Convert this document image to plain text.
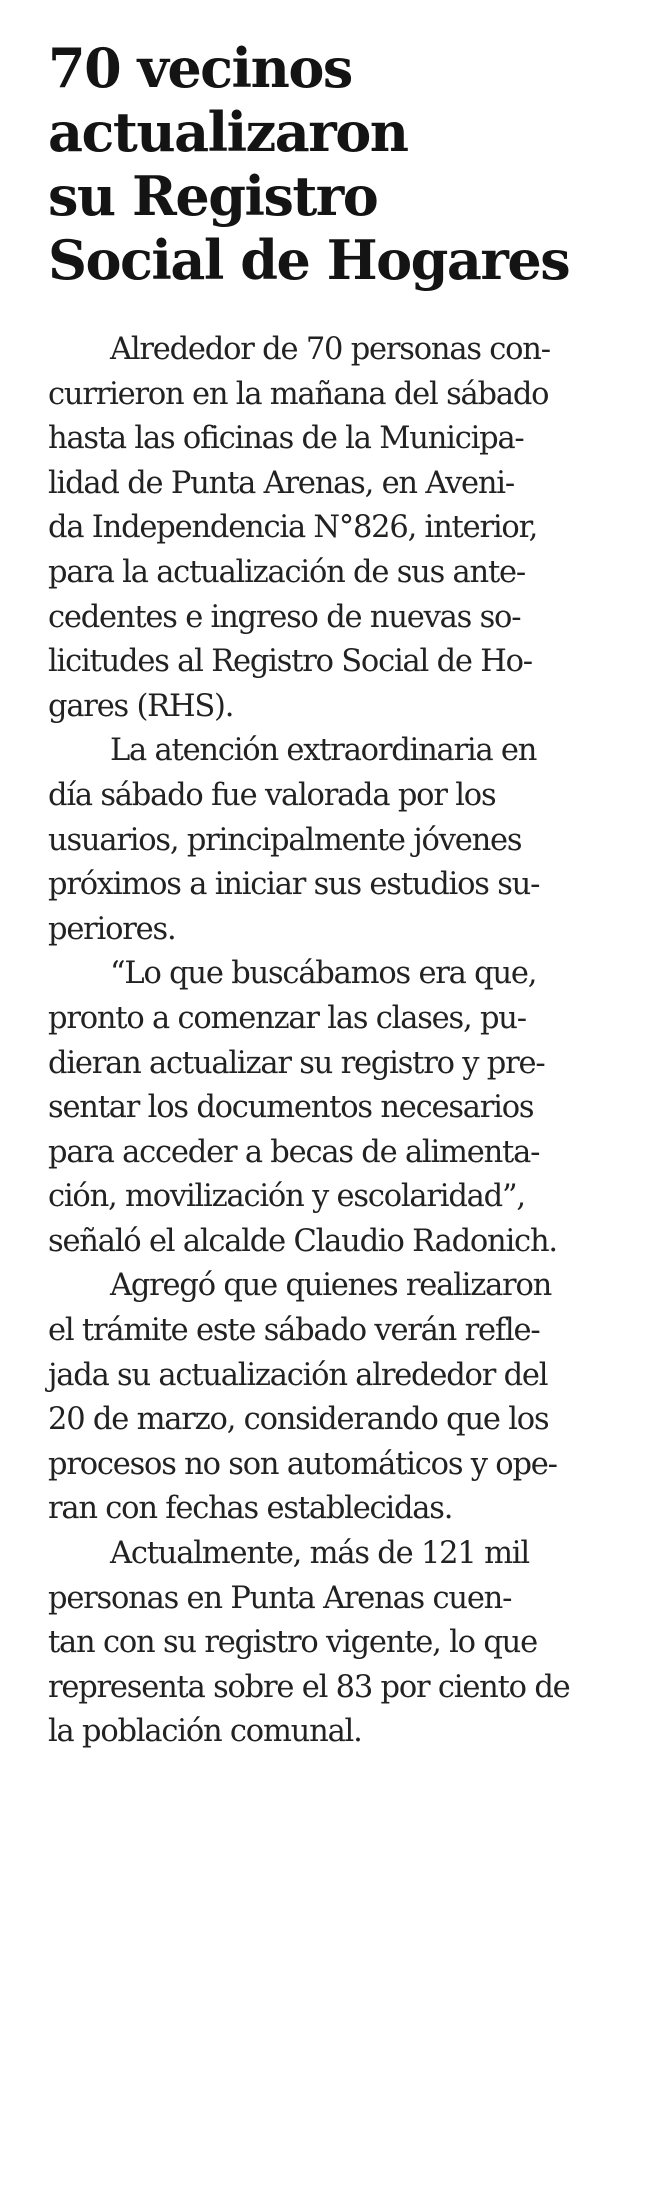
70 vecinos
actualizaron
su Registro
Social de Hogares

Alrededor de 70 personas con-
currieron en la mañana del sábado
hasta las oficinas de la Municipa-
lidad de Punta Arenas, en Aveni-
da Independencia N°826, interior,
para la actualización de sus ante-
cedentes e ingreso de nuevas so-
licitudes al Registro Social de Ho-
gares (RHS).

La atención extraordinaria en
día sábado fue valorada por los
usuarios, principalmente jóvenes
próximos a iniciar sus estudios su-
periores.

“Lo que buscábamos era que,
pronto a comenzar las clases, pu-
dieran actualizar su registro y pre-
sentar los documentos necesarios
para acceder a becas de alimenta-
ción, movilización y escolaridad”,
señaló el alcalde Claudio Radonich.

Agregó que quienes realizaron
el trámite este sábado verán refle-
jada su actualización alrededor del
20 de marzo, considerando que los
procesos no son automáticos y ope-
ran con fechas establecidas.

Actualmente, más de 121 mil
personas en Punta Arenas cuen-
tan con su registro vigente, lo que
representa sobre el 83 por ciento de
la población comunal.
